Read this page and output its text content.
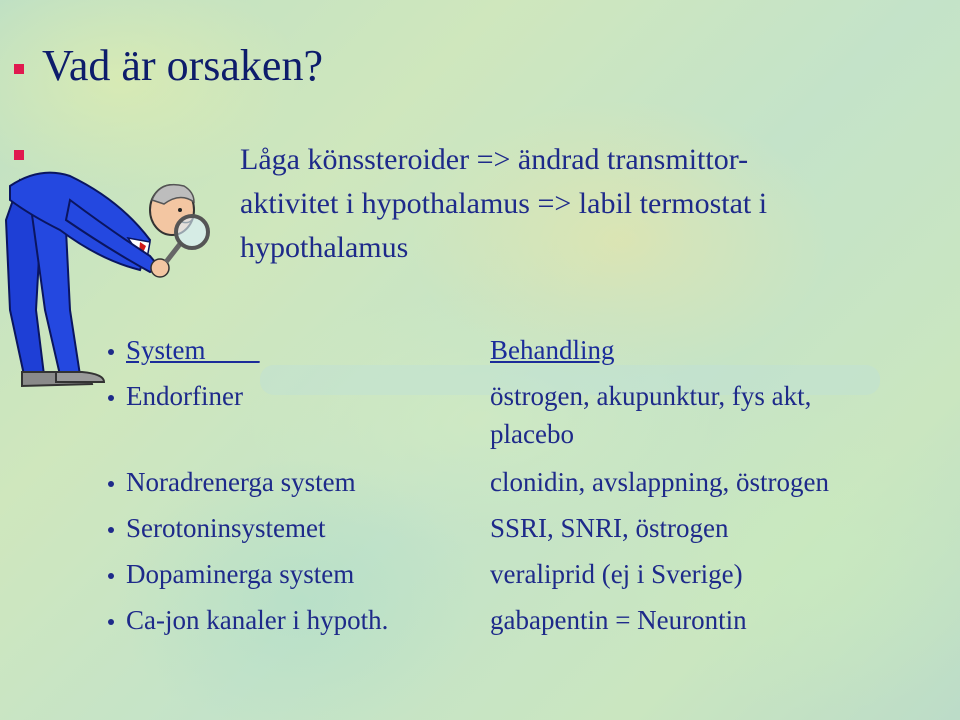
Vad är orsaken?
Låga könssteroider => ändrad transmittor-
aktivitet i hypothalamus => labil termostat i
hypothalamus
System____	Behandling
Endorfiner	östrogen, akupunktur, fys akt,
placebo
Noradrenerga system	clonidin, avslappning, östrogen
Serotoninsystemet	SSRI, SNRI, östrogen
Dopaminerga system	veraliprid (ej i Sverige)
Ca-jon kanaler i hypoth.	gabapentin = Neurontin
